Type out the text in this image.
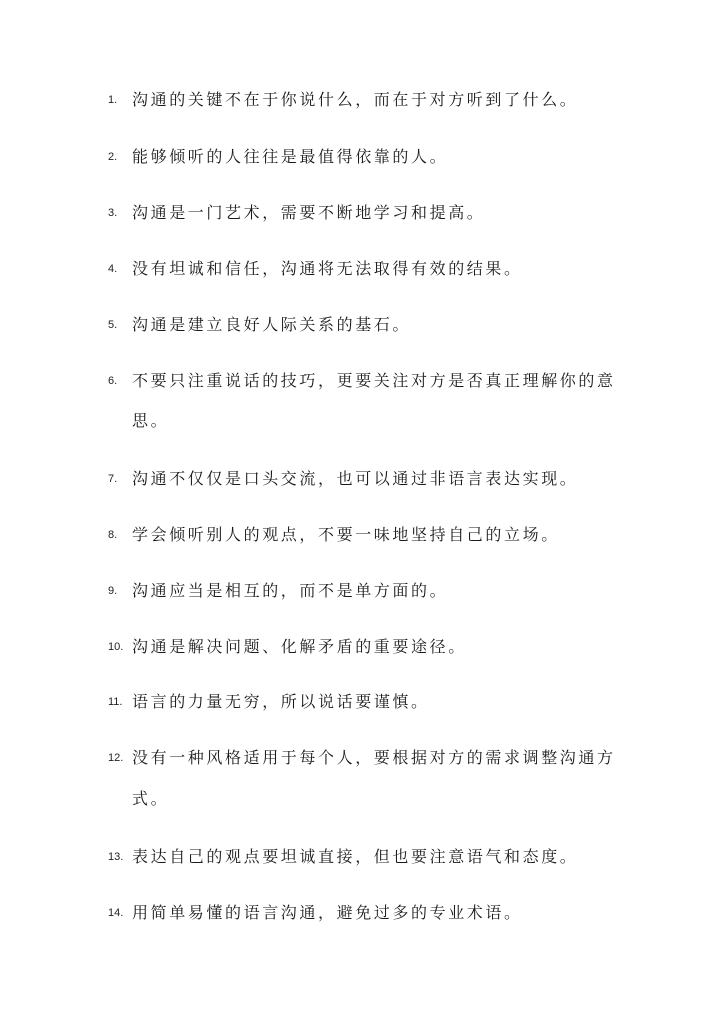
1. 沟通的关键不在于你说什么，而在于对方听到了什么。
2. 能够倾听的人往往是最值得依靠的人。
3. 沟通是一门艺术，需要不断地学习和提高。
4. 没有坦诚和信任，沟通将无法取得有效的结果。
5. 沟通是建立良好人际关系的基石。
6. 不要只注重说话的技巧，更要关注对方是否真正理解你的意
思。
7. 沟通不仅仅是口头交流，也可以通过非语言表达实现。
8. 学会倾听别人的观点，不要一味地坚持自己的立场。
9. 沟通应当是相互的，而不是单方面的。
10. 沟通是解决问题、化解矛盾的重要途径。
11. 语言的力量无穷，所以说话要谨慎。
12. 没有一种风格适用于每个人，要根据对方的需求调整沟通方
式。
13. 表达自己的观点要坦诚直接，但也要注意语气和态度。
14. 用简单易懂的语言沟通，避免过多的专业术语。
